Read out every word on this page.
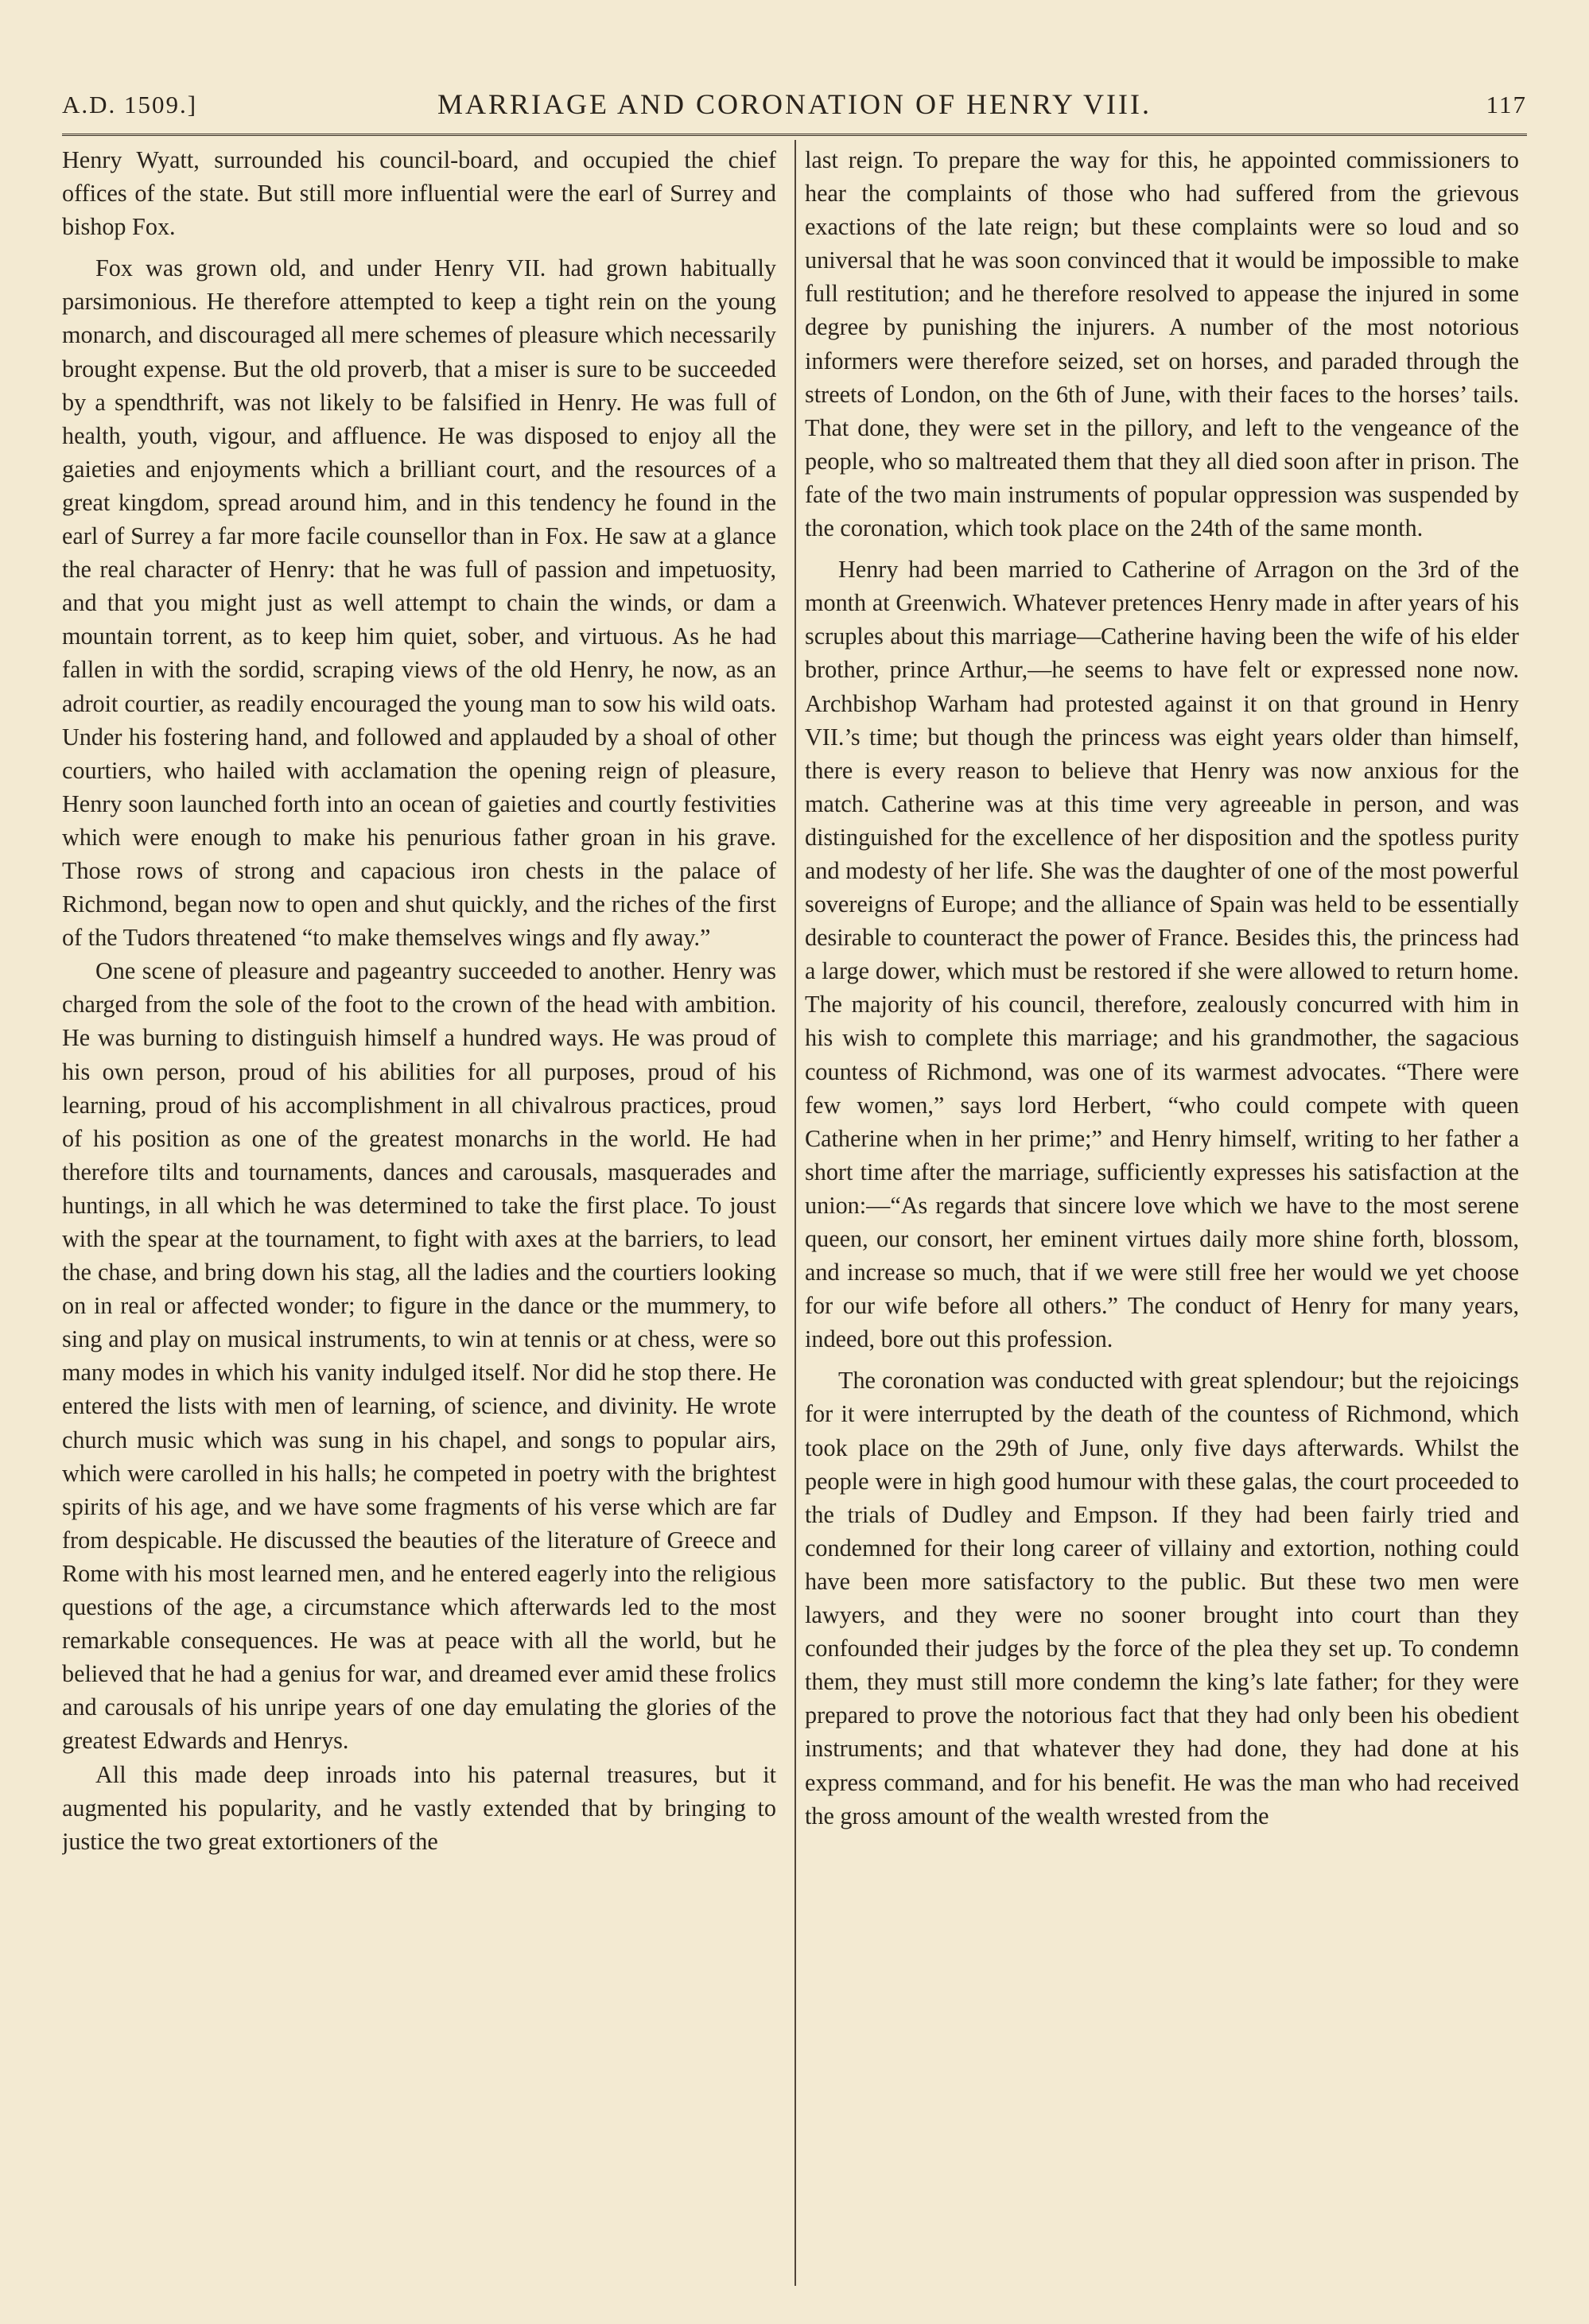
A.D. 1509.]	MARRIAGE AND CORONATION OF HENRY VIII.	117

Henry Wyatt, surrounded his council-board, and occupied the chief offices of the state. But still more influential were the earl of Surrey and bishop Fox.

Fox was grown old, and under Henry VII. had grown habitually parsimonious. He therefore attempted to keep a tight rein on the young monarch, and discouraged all mere schemes of pleasure which necessarily brought expense. But the old proverb, that a miser is sure to be succeeded by a spendthrift, was not likely to be falsified in Henry. He was full of health, youth, vigour, and affluence. He was disposed to enjoy all the gaieties and enjoyments which a brilliant court, and the resources of a great kingdom, spread around him, and in this tendency he found in the earl of Surrey a far more facile counsellor than in Fox. He saw at a glance the real character of Henry: that he was full of passion and impetuosity, and that you might just as well attempt to chain the winds, or dam a mountain torrent, as to keep him quiet, sober, and virtuous. As he had fallen in with the sordid, scraping views of the old Henry, he now, as an adroit courtier, as readily encouraged the young man to sow his wild oats. Under his fostering hand, and followed and applauded by a shoal of other courtiers, who hailed with acclamation the opening reign of pleasure, Henry soon launched forth into an ocean of gaieties and courtly festivities which were enough to make his penurious father groan in his grave. Those rows of strong and capacious iron chests in the palace of Richmond, began now to open and shut quickly, and the riches of the first of the Tudors threatened “to make themselves wings and fly away.”

One scene of pleasure and pageantry succeeded to another. Henry was charged from the sole of the foot to the crown of the head with ambition. He was burning to distinguish himself a hundred ways. He was proud of his own person, proud of his abilities for all purposes, proud of his learning, proud of his accomplishment in all chivalrous practices, proud of his position as one of the greatest monarchs in the world. He had therefore tilts and tournaments, dances and carousals, masquerades and huntings, in all which he was determined to take the first place. To joust with the spear at the tournament, to fight with axes at the barriers, to lead the chase, and bring down his stag, all the ladies and the courtiers looking on in real or affected wonder; to figure in the dance or the mummery, to sing and play on musical instruments, to win at tennis or at chess, were so many modes in which his vanity indulged itself. Nor did he stop there. He entered the lists with men of learning, of science, and divinity. He wrote church music which was sung in his chapel, and songs to popular airs, which were carolled in his halls; he competed in poetry with the brightest spirits of his age, and we have some fragments of his verse which are far from despicable. He discussed the beauties of the literature of Greece and Rome with his most learned men, and he entered eagerly into the religious questions of the age, a circumstance which afterwards led to the most remarkable consequences. He was at peace with all the world, but he believed that he had a genius for war, and dreamed ever amid these frolics and carousals of his unripe years of one day emulating the glories of the greatest Edwards and Henrys.

All this made deep inroads into his paternal treasures, but it augmented his popularity, and he vastly extended that by bringing to justice the two great extortioners of the

last reign. To prepare the way for this, he appointed commissioners to hear the complaints of those who had suffered from the grievous exactions of the late reign; but these complaints were so loud and so universal that he was soon convinced that it would be impossible to make full restitution; and he therefore resolved to appease the injured in some degree by punishing the injurers. A number of the most notorious informers were therefore seized, set on horses, and paraded through the streets of London, on the 6th of June, with their faces to the horses’ tails. That done, they were set in the pillory, and left to the vengeance of the people, who so maltreated them that they all died soon after in prison. The fate of the two main instruments of popular oppression was suspended by the coronation, which took place on the 24th of the same month.

Henry had been married to Catherine of Arragon on the 3rd of the month at Greenwich. Whatever pretences Henry made in after years of his scruples about this marriage—Catherine having been the wife of his elder brother, prince Arthur,—he seems to have felt or expressed none now. Archbishop Warham had protested against it on that ground in Henry VII.’s time; but though the princess was eight years older than himself, there is every reason to believe that Henry was now anxious for the match. Catherine was at this time very agreeable in person, and was distinguished for the excellence of her disposition and the spotless purity and modesty of her life. She was the daughter of one of the most powerful sovereigns of Europe; and the alliance of Spain was held to be essentially desirable to counteract the power of France. Besides this, the princess had a large dower, which must be restored if she were allowed to return home. The majority of his council, therefore, zealously concurred with him in his wish to complete this marriage; and his grandmother, the sagacious countess of Richmond, was one of its warmest advocates. “There were few women,” says lord Herbert, “who could compete with queen Catherine when in her prime;” and Henry himself, writing to her father a short time after the marriage, sufficiently expresses his satisfaction at the union:—“As regards that sincere love which we have to the most serene queen, our consort, her eminent virtues daily more shine forth, blossom, and increase so much, that if we were still free her would we yet choose for our wife before all others.” The conduct of Henry for many years, indeed, bore out this profession.

The coronation was conducted with great splendour; but the rejoicings for it were interrupted by the death of the countess of Richmond, which took place on the 29th of June, only five days afterwards. Whilst the people were in high good humour with these galas, the court proceeded to the trials of Dudley and Empson. If they had been fairly tried and condemned for their long career of villainy and extortion, nothing could have been more satisfactory to the public. But these two men were lawyers, and they were no sooner brought into court than they confounded their judges by the force of the plea they set up. To condemn them, they must still more condemn the king’s late father; for they were prepared to prove the notorious fact that they had only been his obedient instruments; and that whatever they had done, they had done at his express command, and for his benefit. He was the man who had received the gross amount of the wealth wrested from the
